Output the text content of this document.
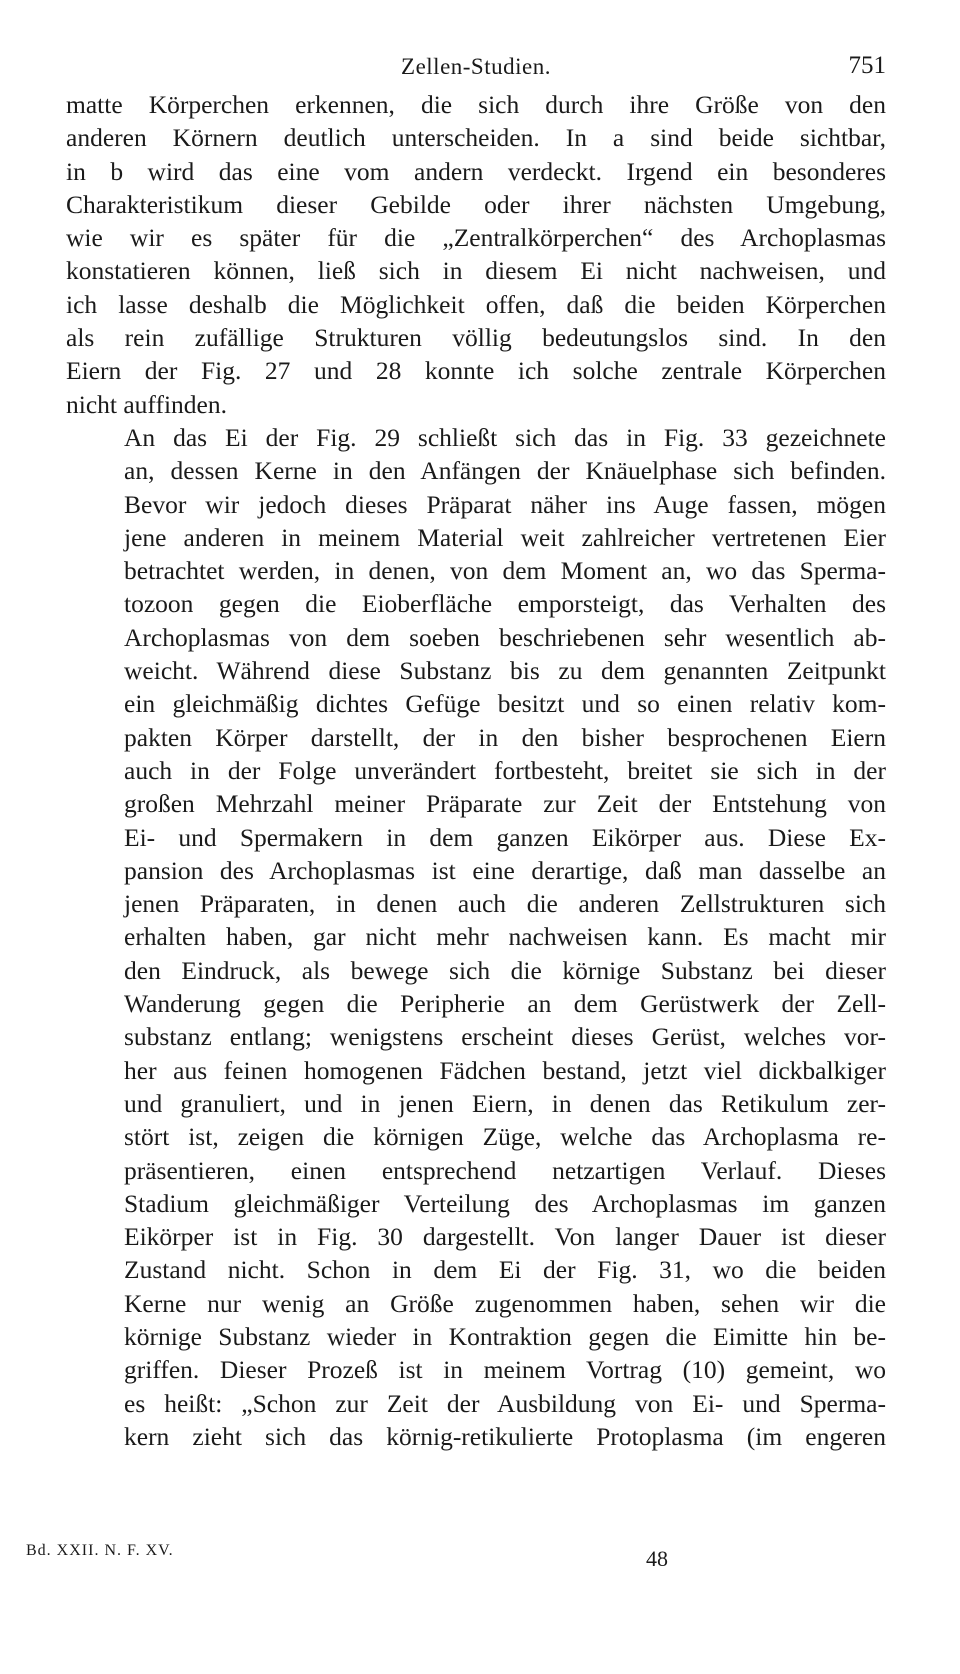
Zellen-Studien.	751

matte Körperchen erkennen, die sich durch ihre Größe von den
anderen Körnern deutlich unterscheiden. In a sind beide sichtbar,
in b wird das eine vom andern verdeckt. Irgend ein besonderes
Charakteristikum dieser Gebilde oder ihrer nächsten Umgebung,
wie wir es später für die „Zentralkörperchen“ des Archoplasmas
konstatieren können, ließ sich in diesem Ei nicht nachweisen, und
ich lasse deshalb die Möglichkeit offen, daß die beiden Körperchen
als rein zufällige Strukturen völlig bedeutungslos sind. In den
Eiern der Fig. 27 und 28 konnte ich solche zentrale Körperchen
nicht auffinden.

An das Ei der Fig. 29 schließt sich das in Fig. 33 gezeichnete
an, dessen Kerne in den Anfängen der Knäuelphase sich befinden.
Bevor wir jedoch dieses Präparat näher ins Auge fassen, mögen
jene anderen in meinem Material weit zahlreicher vertretenen Eier
betrachtet werden, in denen, von dem Moment an, wo das Sperma-
tozoon gegen die Eioberfläche emporsteigt, das Verhalten des
Archoplasmas von dem soeben beschriebenen sehr wesentlich ab-
weicht. Während diese Substanz bis zu dem genannten Zeitpunkt
ein gleichmäßig dichtes Gefüge besitzt und so einen relativ kom-
pakten Körper darstellt, der in den bisher besprochenen Eiern
auch in der Folge unverändert fortbesteht, breitet sie sich in der
großen Mehrzahl meiner Präparate zur Zeit der Entstehung von
Ei- und Spermakern in dem ganzen Eikörper aus. Diese Ex-
pansion des Archoplasmas ist eine derartige, daß man dasselbe an
jenen Präparaten, in denen auch die anderen Zellstrukturen sich
erhalten haben, gar nicht mehr nachweisen kann. Es macht mir
den Eindruck, als bewege sich die körnige Substanz bei dieser
Wanderung gegen die Peripherie an dem Gerüstwerk der Zell-
substanz entlang; wenigstens erscheint dieses Gerüst, welches vor-
her aus feinen homogenen Fädchen bestand, jetzt viel dickbalkiger
und granuliert, und in jenen Eiern, in denen das Retikulum zer-
stört ist, zeigen die körnigen Züge, welche das Archoplasma re-
präsentieren, einen entsprechend netzartigen Verlauf. Dieses
Stadium gleichmäßiger Verteilung des Archoplasmas im ganzen
Eikörper ist in Fig. 30 dargestellt. Von langer Dauer ist dieser
Zustand nicht. Schon in dem Ei der Fig. 31, wo die beiden
Kerne nur wenig an Größe zugenommen haben, sehen wir die
körnige Substanz wieder in Kontraktion gegen die Eimitte hin be-
griffen. Dieser Prozeß ist in meinem Vortrag (10) gemeint, wo
es heißt: „Schon zur Zeit der Ausbildung von Ei- und Sperma-
kern zieht sich das körnig-retikulierte Protoplasma (im engeren

Bd. XXII. N. F. XV.	48
